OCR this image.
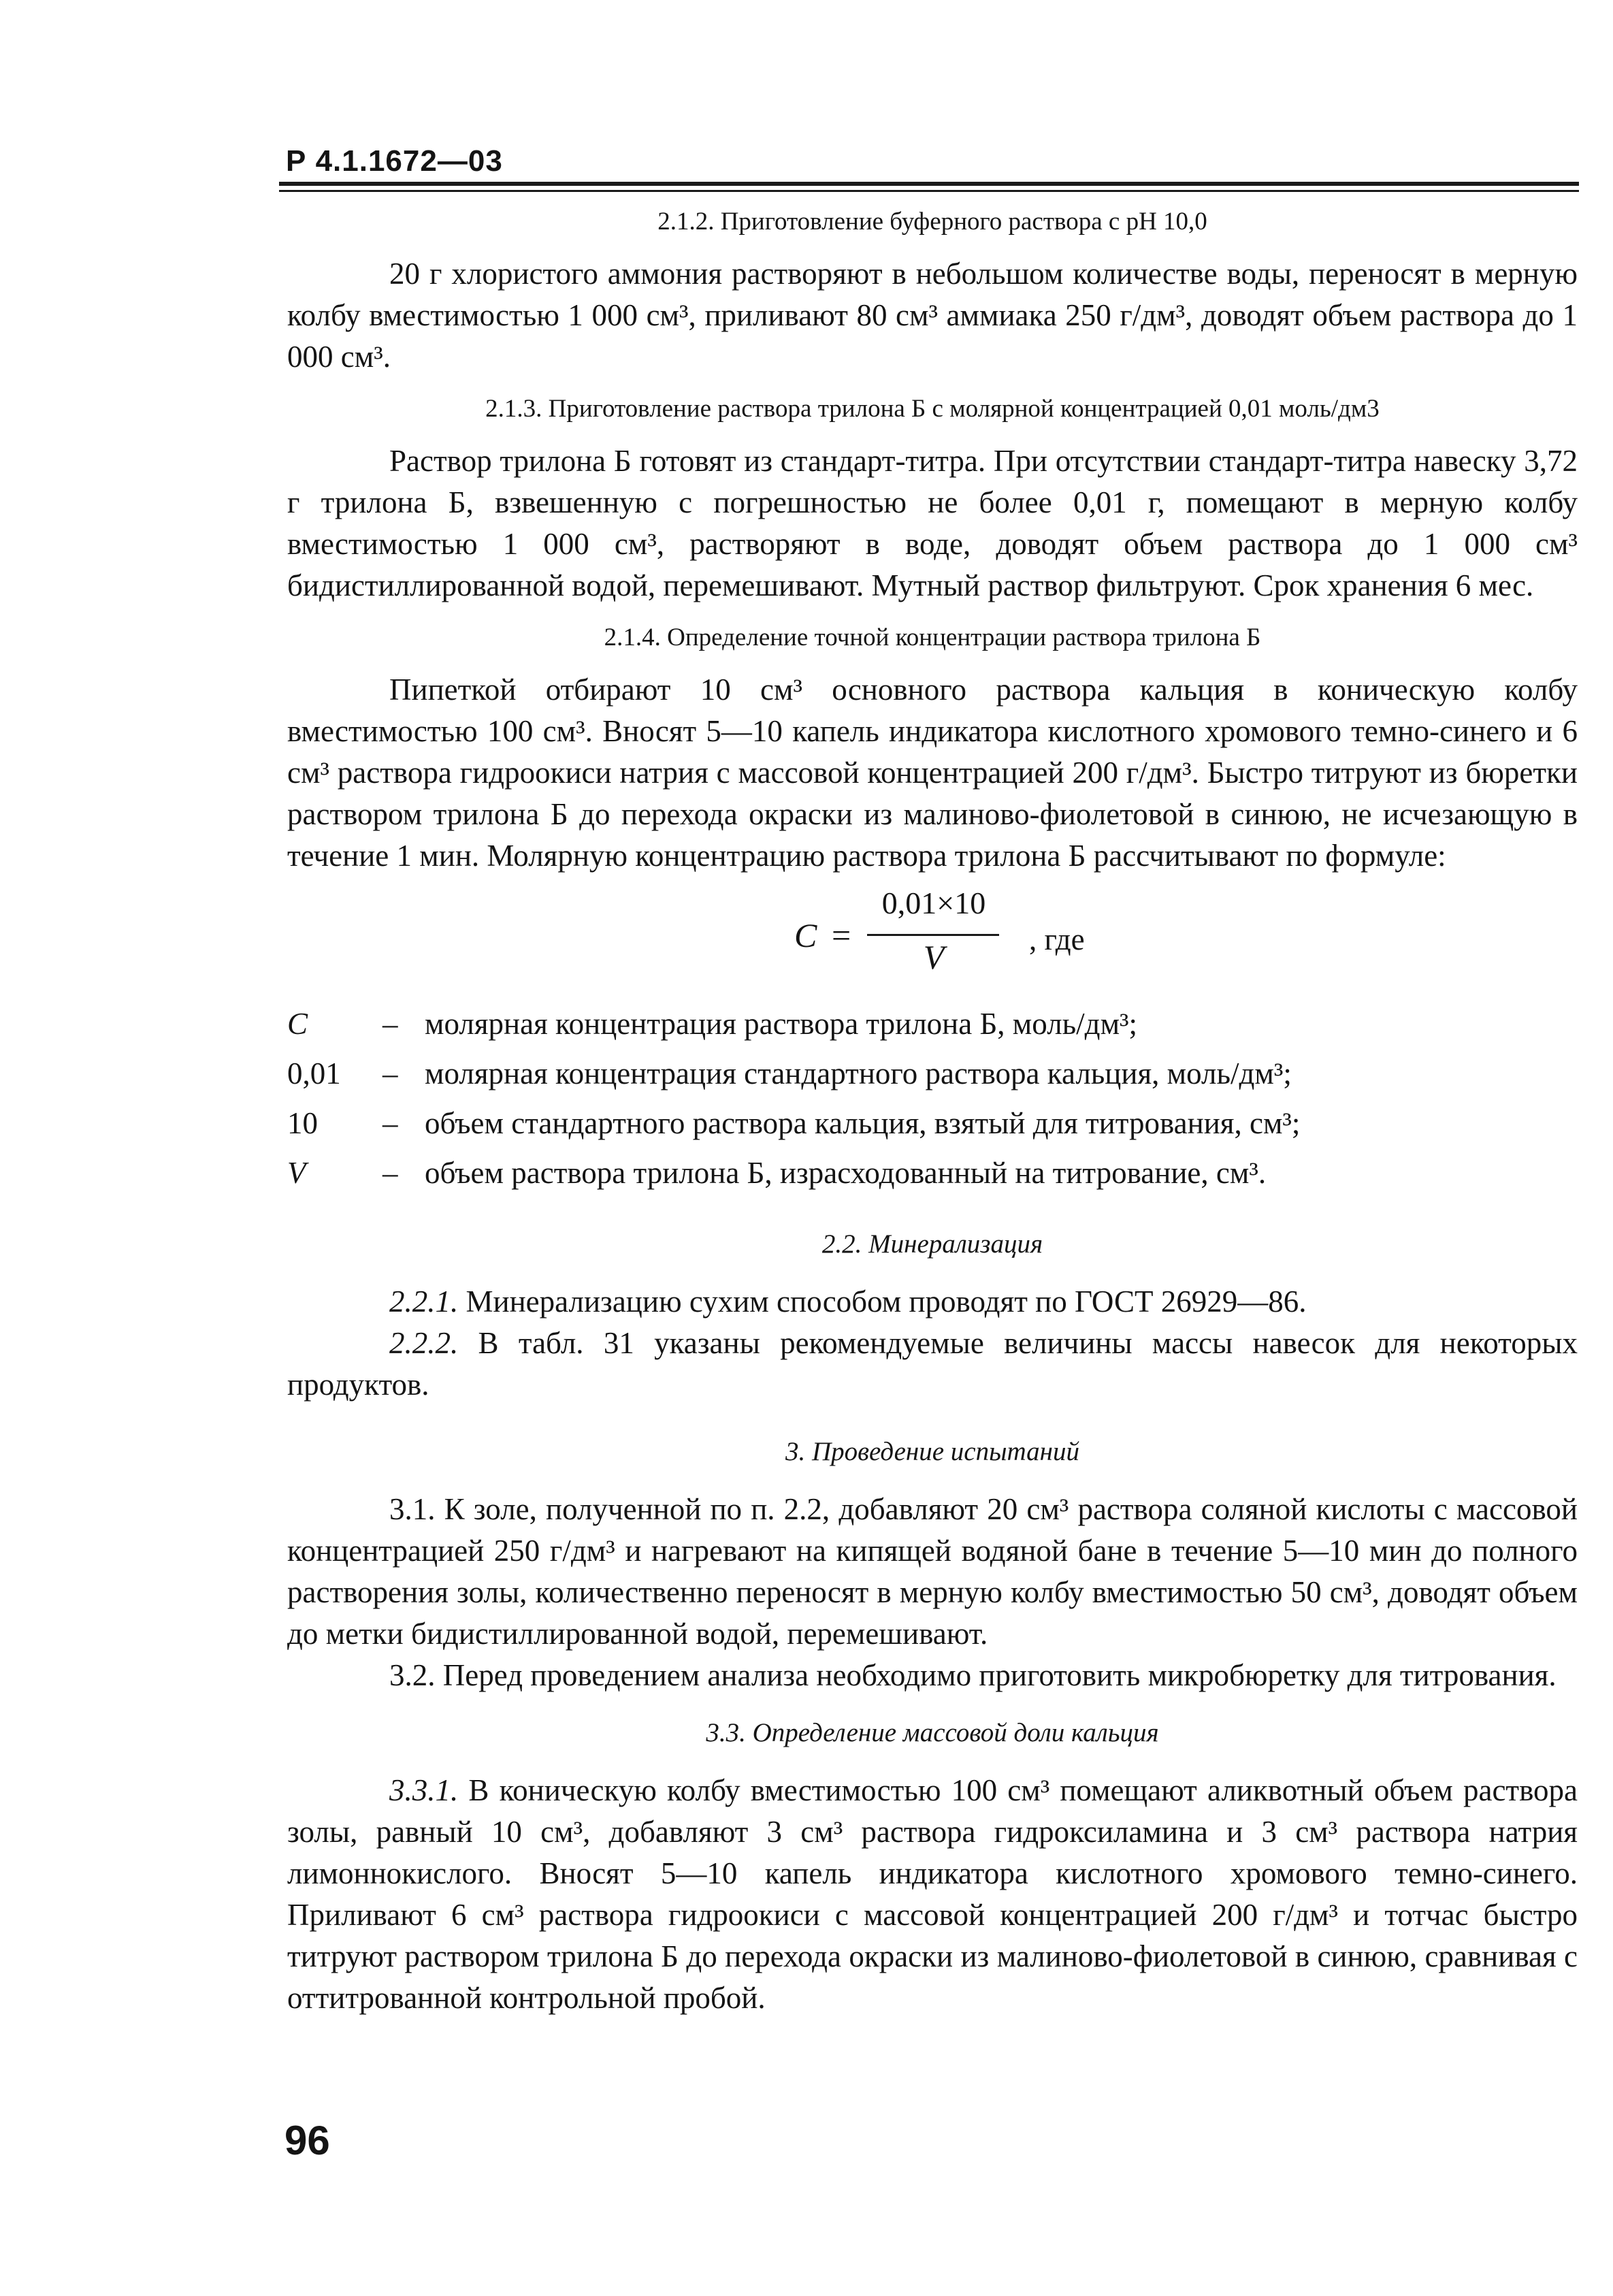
Р 4.1.1672—03

2.1.2. Приготовление буферного раствора с pH 10,0

20 г хлористого аммония растворяют в небольшом количестве воды, переносят в мерную колбу вместимостью 1 000 см³, приливают 80 см³ аммиака 250 г/дм³, доводят объем раствора до 1 000 см³.

2.1.3. Приготовление раствора трилона Б с молярной концентрацией 0,01 моль/дм3

Раствор трилона Б готовят из стандарт-титра. При отсутствии стандарт-титра навеску 3,72 г трилона Б, взвешенную с погрешностью не более 0,01 г, помещают в мерную колбу вместимостью 1 000 см³, растворяют в воде, доводят объем раствора до 1 000 см³ бидистиллированной водой, перемешивают. Мутный раствор фильтруют. Срок хранения 6 мес.

2.1.4. Определение точной концентрации раствора трилона Б

Пипеткой отбирают 10 см³ основного раствора кальция в коническую колбу вместимостью 100 см³. Вносят 5—10 капель индикатора кислотного хромового темно-синего и 6 см³ раствора гидроокиси натрия с массовой концентрацией 200 г/дм³. Быстро титруют из бюретки раствором трилона Б до перехода окраски из малиново-фиолетовой в синюю, не исчезающую в течение 1 мин. Молярную концентрацию раствора трилона Б рассчитывают по формуле:

C =
0,01×10
V	, где
C	– молярная концентрация раствора трилона Б, моль/дм³;
0,01	– молярная концентрация стандартного раствора кальция, моль/дм³;
10	– объем стандартного раствора кальция, взятый для титрования, см³;
V	– объем раствора трилона Б, израсходованный на титрование, см³.

2.2. Минерализация

2.2.1. Минерализацию сухим способом проводят по ГОСТ 26929—86.

2.2.2. В табл. 31 указаны рекомендуемые величины массы навесок для некоторых продуктов.

3. Проведение испытаний

3.1. К золе, полученной по п. 2.2, добавляют 20 см³ раствора соляной кислоты с массовой концентрацией 250 г/дм³ и нагревают на кипящей водяной бане в течение 5—10 мин до полного растворения золы, количественно переносят в мерную колбу вместимостью 50 см³, доводят объем до метки бидистиллированной водой, перемешивают.

3.2. Перед проведением анализа необходимо приготовить микробюретку для титрования.

3.3. Определение массовой доли кальция

3.3.1. В коническую колбу вместимостью 100 см³ помещают аликвотный объем раствора золы, равный 10 см³, добавляют 3 см³ раствора гидроксиламина и 3 см³ раствора натрия лимоннокислого. Вносят 5—10 капель индикатора кислотного хромового темно-синего. Приливают 6 см³ раствора гидроокиси с массовой концентрацией 200 г/дм³ и тотчас быстро титруют раствором трилона Б до перехода окраски из малиново-фиолетовой в синюю, сравнивая с оттитрованной контрольной пробой.

96
